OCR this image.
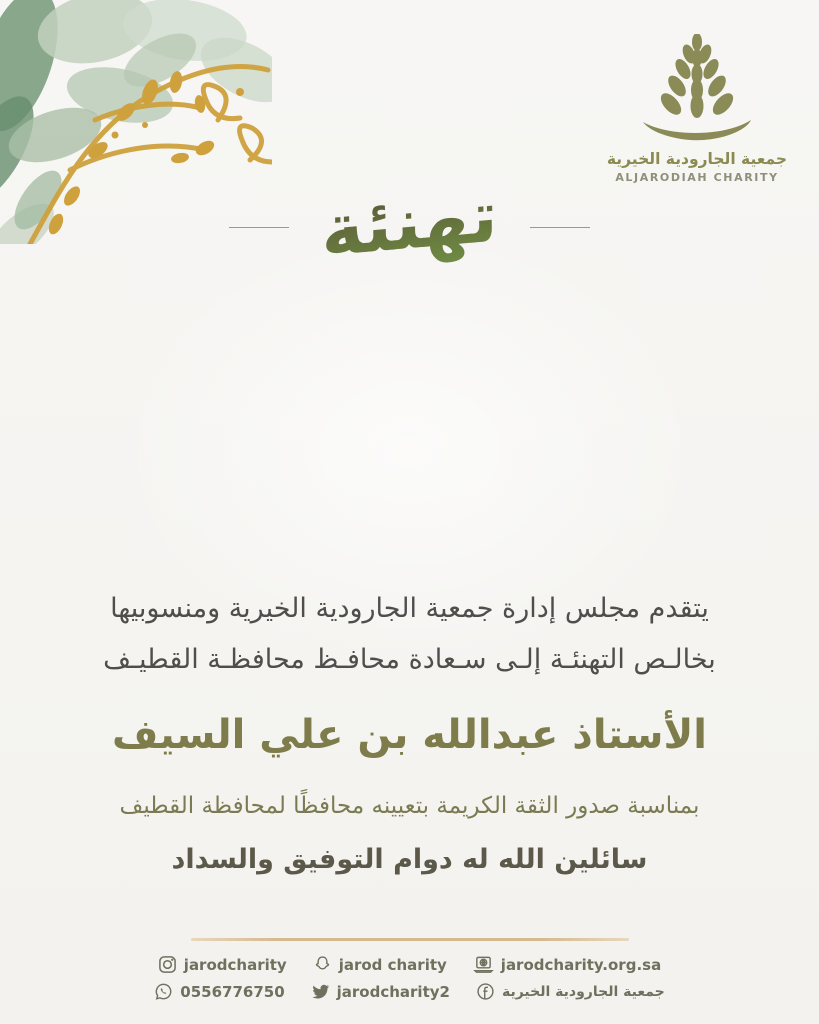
جمعية الجارودية الخيرية
ALJARODIAH CHARITY
تهنئة
يتقدم مجلس إدارة جمعية الجارودية الخيرية ومنسوبيها
بخالـص التهنئـة إلـى سـعادة محافـظ محافظـة القطيـف
الأستاذ عبدالله بن علي السيف
بمناسبة صدور الثقة الكريمة بتعيينه محافظًا لمحافظة القطيف
سائلين الله له دوام التوفيق والسداد
jarodcharity	jarod charity	jarodcharity.org.sa
0556776750	jarodcharity2	جمعية الجارودية الخيرية
